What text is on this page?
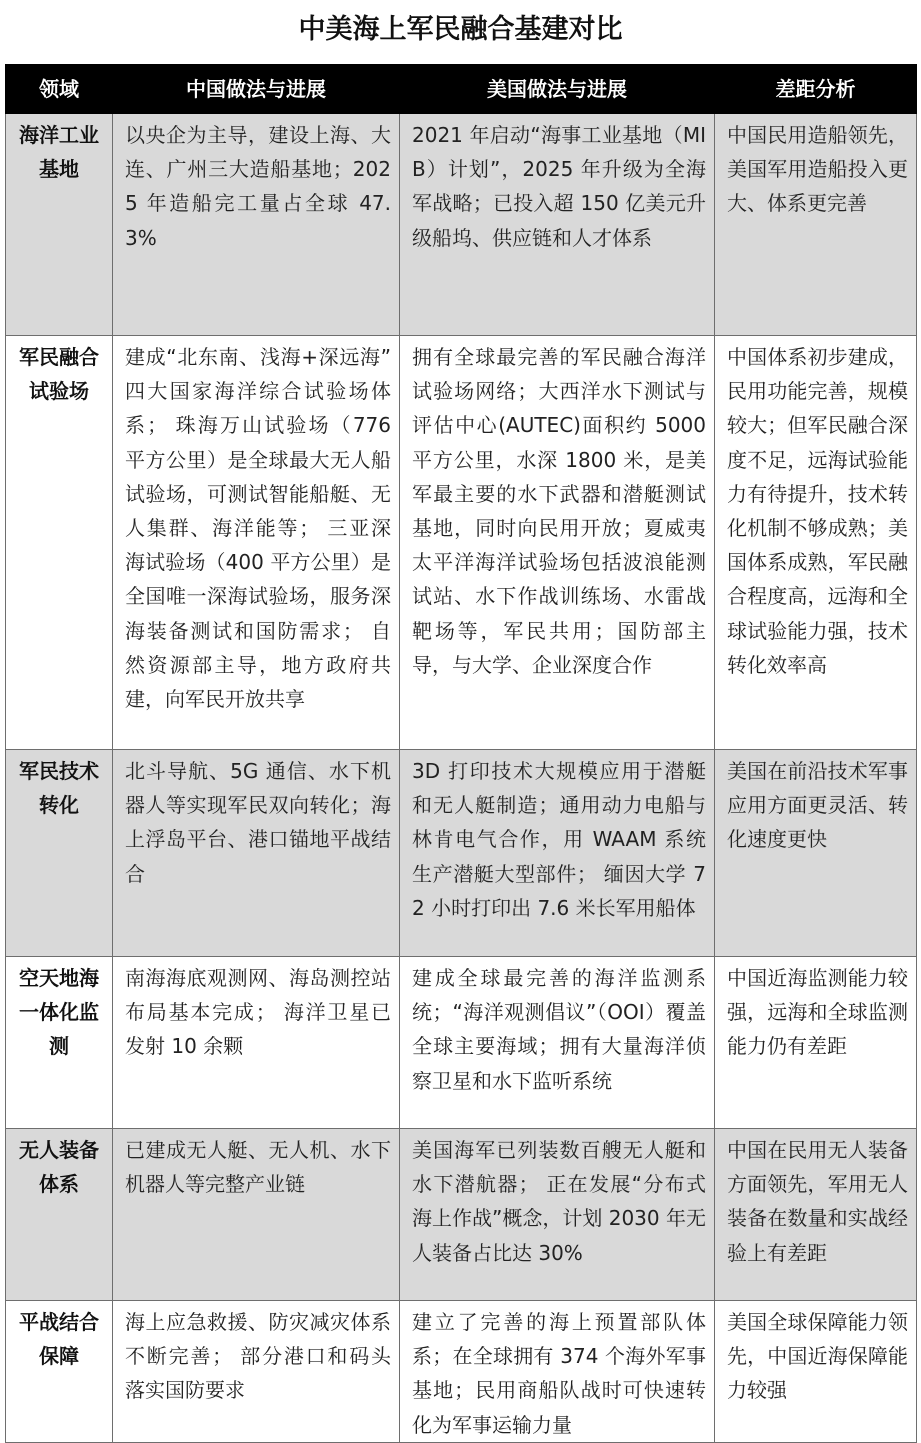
中美海上军民融合基建对比
领域	中国做法与进展	美国做法与进展	差距分析
海洋工业基地	以央企为主导，建设上海、大连、广州三大造船基地；2025 年造船完工量占全球 47.3%	2021 年启动“海事工业基地（MIB）计划”，2025 年升级为全海军战略；已投入超 150 亿美元升级船坞、供应链和人才体系	中国民用造船领先，美国军用造船投入更大、体系更完善
军民融合试验场	建成“北东南、浅海+深远海” 四大国家海洋综合试验场体系； 珠海万山试验场（776 平方公里）是全球最大无人船试验场，可测试智能船艇、无人集群、海洋能等； 三亚深海试验场（400 平方公里）是全国唯一深海试验场，服务深海装备测试和国防需求； 自然资源部主导，地方政府共建，向军民开放共享	拥有全球最完善的军民融合海洋试验场网络；大西洋水下测试与评估中心(AUTEC)面积约 5000 平方公里，水深 1800 米，是美军最主要的水下武器和潜艇测试基地，同时向民用开放；夏威夷太平洋海洋试验场包括波浪能测试站、水下作战训练场、水雷战靶场等，军民共用；国防部主导，与大学、企业深度合作	中国体系初步建成，民用功能完善，规模较大；但军民融合深度不足，远海试验能力有待提升，技术转化机制不够成熟；美国体系成熟，军民融合程度高，远海和全球试验能力强，技术转化效率高
军民技术转化	北斗导航、5G 通信、水下机器人等实现军民双向转化；海上浮岛平台、港口锚地平战结合	3D 打印技术大规模应用于潜艇和无人艇制造；通用动力电船与林肯电气合作，用 WAAM 系统生产潜艇大型部件； 缅因大学 72 小时打印出 7.6 米长军用船体	美国在前沿技术军事应用方面更灵活、转化速度更快
空天地海一体化监测	南海海底观测网、海岛测控站布局基本完成； 海洋卫星已发射 10 余颗	建成全球最完善的海洋监测系统；“海洋观测倡议”（OOI）覆盖全球主要海域；拥有大量海洋侦察卫星和水下监听系统	中国近海监测能力较强，远海和全球监测能力仍有差距
无人装备体系	已建成无人艇、无人机、水下机器人等完整产业链	美国海军已列装数百艘无人艇和水下潜航器； 正在发展“分布式海上作战”概念，计划 2030 年无人装备占比达 30%	中国在民用无人装备方面领先，军用无人装备在数量和实战经验上有差距
平战结合保障	海上应急救援、防灾减灾体系不断完善； 部分港口和码头落实国防要求	建立了完善的海上预置部队体系；在全球拥有 374 个海外军事基地；民用商船队战时可快速转化为军事运输力量	美国全球保障能力领先，中国近海保障能力较强
